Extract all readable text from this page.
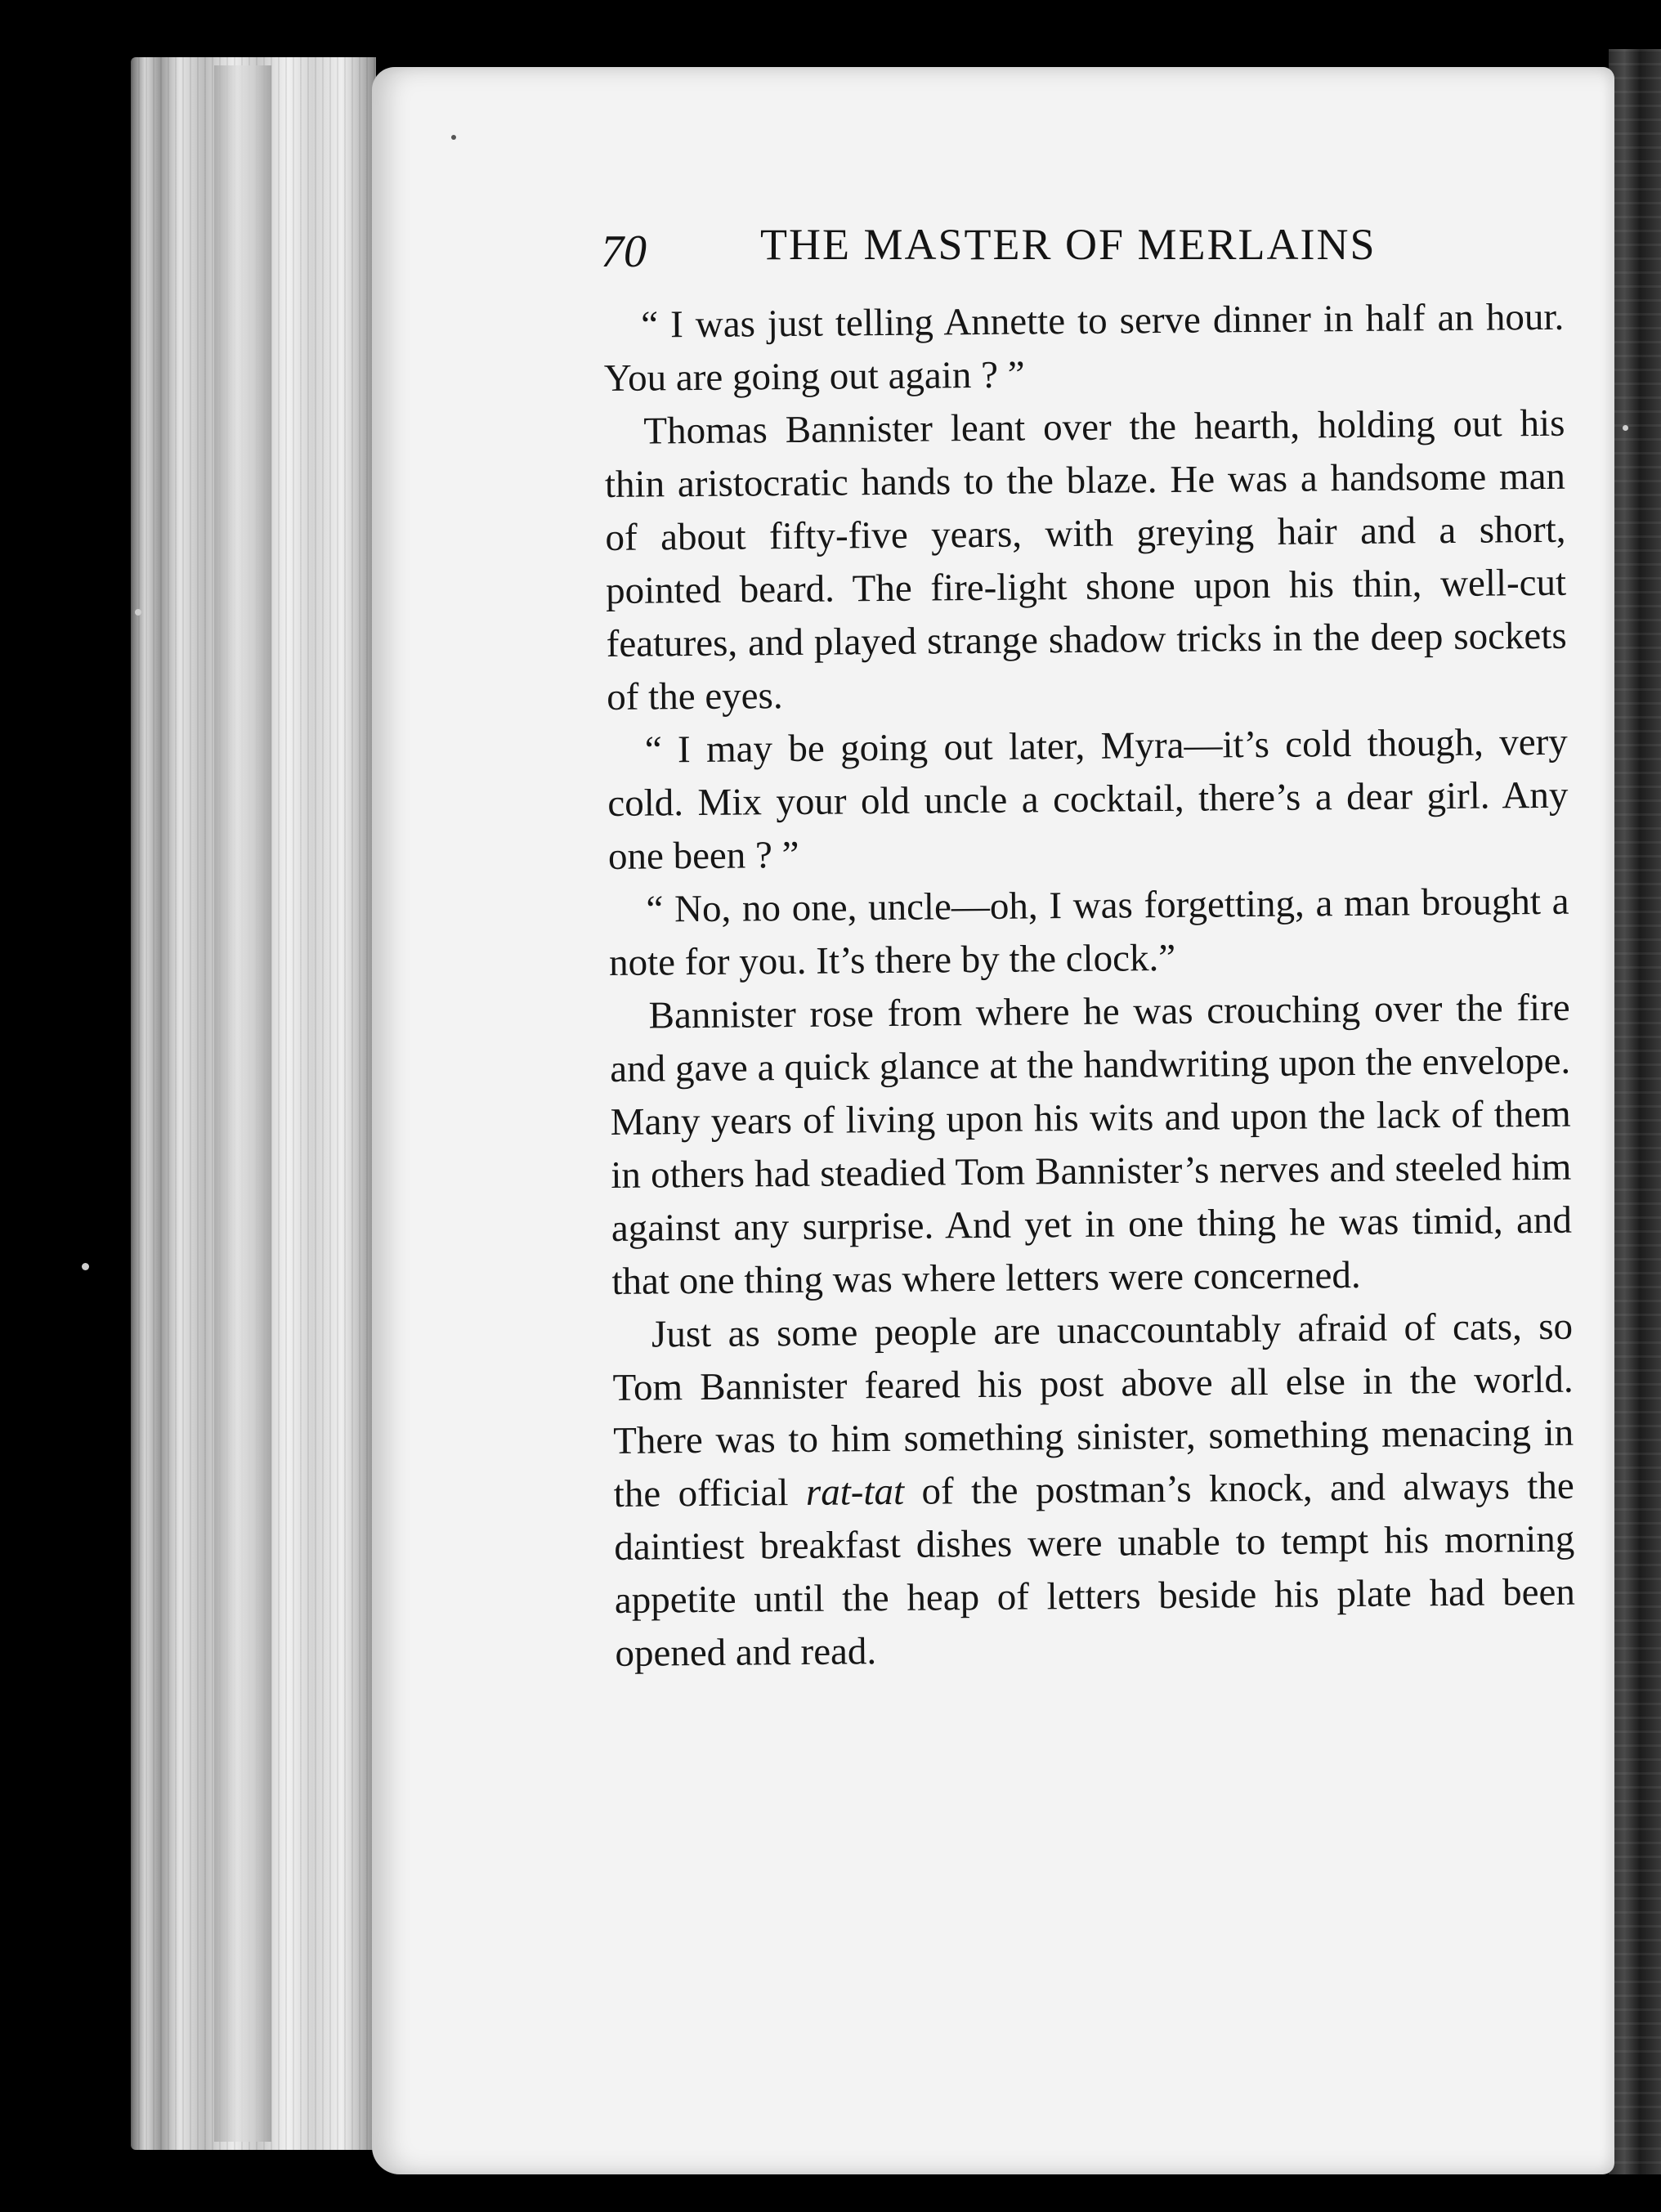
70	THE MASTER OF MERLAINS

“ I was just telling Annette to serve dinner in half an hour. You are going out again ? ”

Thomas Bannister leant over the hearth, holding out his thin aristocratic hands to the blaze. He was a handsome man of about fifty-five years, with greying hair and a short, pointed beard. The fire-light shone upon his thin, well-cut features, and played strange shadow tricks in the deep sockets of the eyes.

“ I may be going out later, Myra—it’s cold though, very cold. Mix your old uncle a cocktail, there’s a dear girl. Any one been ? ”

“ No, no one, uncle—oh, I was forgetting, a man brought a note for you. It’s there by the clock.”

Bannister rose from where he was crouching over the fire and gave a quick glance at the handwriting upon the envelope. Many years of living upon his wits and upon the lack of them in others had steadied Tom Bannister’s nerves and steeled him against any surprise. And yet in one thing he was timid, and that one thing was where letters were concerned.

Just as some people are unaccountably afraid of cats, so Tom Bannister feared his post above all else in the world. There was to him something sinister, something menacing in the official rat-tat of the postman’s knock, and always the daintiest breakfast dishes were unable to tempt his morning appetite until the heap of letters beside his plate had been opened and read.
